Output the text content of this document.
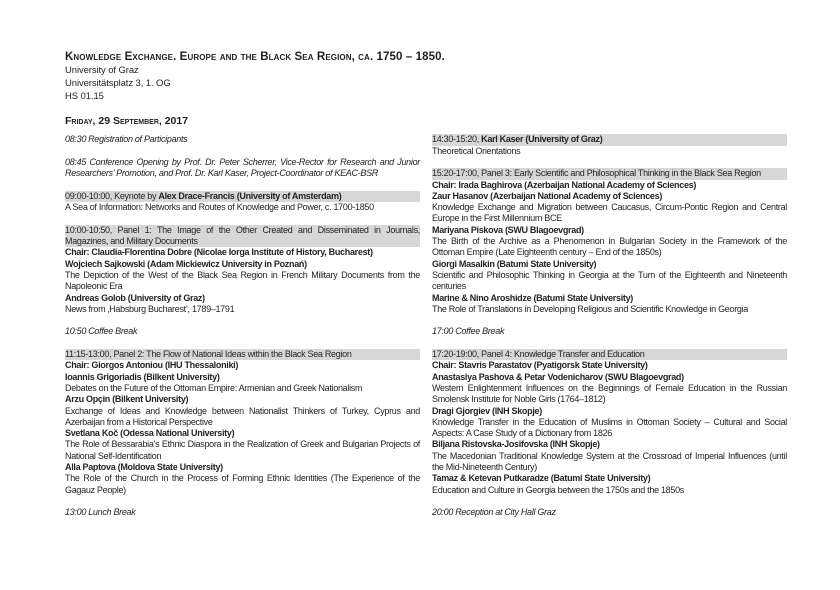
Knowledge Exchange. Europe and the Black Sea Region, ca. 1750 – 1850.
University of Graz
Universitätsplatz 3, 1. OG
HS 01.15
Friday, 29 September, 2017
08:30 Registration of Participants
08:45 Conference Opening by Prof. Dr. Peter Scherrer, Vice-Rector for Research and Junior Researchers’ Promotion, and Prof. Dr. Karl Kaser, Project-Coordinator of KEAC-BSR
09:00-10:00, Keynote by Alex Drace-Francis (University of Amsterdam)
A Sea of Information: Networks and Routes of Knowledge and Power, c. 1700-1850
10:00-10:50, Panel 1: The Image of the Other Created and Disseminated in Journals, Magazines, and Military Documents
Chair: Claudia-Florentina Dobre (Nicolae Iorga Institute of History, Bucharest)
Wojciech Sajkowski (Adam Mickiewicz University in Poznań)
The Depiction of the West of the Black Sea Region in French Military Documents from the Napoleonic Era
Andreas Golob (University of Graz)
News from ‚Habsburg Bucharest’, 1789–1791
10:50 Coffee Break
11:15-13:00, Panel 2: The Flow of National Ideas within the Black Sea Region
Chair: Giorgos Antoniou (IHU Thessaloniki)
Ioannis Grigoriadis (Bilkent University)
Debates on the Future of the Ottoman Empire: Armenian and Greek Nationalism
Arzu Opçin (Bilkent University)
Exchange of Ideas and Knowledge between Nationalist Thinkers of Turkey, Cyprus and Azerbaijan from a Historical Perspective
Svetlana Koč (Odessa National University)
The Role of Bessarabia’s Ethnic Diaspora in the Realization of Greek and Bulgarian Projects of National Self-Identification
Alla Paptova (Moldova State University)
The Role of the Church in the Process of Forming Ethnic Identities (The Experience of the Gagauz People)
13:00 Lunch Break
14:30-15:20, Karl Kaser (University of Graz)
Theoretical Orientations
15:20-17:00, Panel 3: Early Scientific and Philosophical Thinking in the Black Sea Region
Chair: Irada Baghirova (Azerbaijan National Academy of Sciences)
Zaur Hasanov (Azerbaijan National Academy of Sciences)
Knowledge Exchange and Migration between Caucasus, Circum-Pontic Region and Central Europe in the First Millennium BCE
Mariyana Piskova (SWU Blagoevgrad)
The Birth of the Archive as a Phenomenon in Bulgarian Society in the Framework of the Ottoman Empire (Late Eighteenth century – End of the 1850s)
Giorgi Masalkin (Batumi State University)
Scientific and Philosophic Thinking in Georgia at the Turn of the Eighteenth and Nineteenth centuries
Marine & Nino Aroshidze (Batumi State University)
The Role of Translations in Developing Religious and Scientific Knowledge in Georgia
17:00 Coffee Break
17:20-19:00, Panel 4: Knowledge Transfer and Education
Chair: Stavris Parastatov (Pyatigorsk State University)
Anastasiya Pashova & Petar Vodenicharov (SWU Blagoevgrad)
Western Enlightenment Influences on the Beginnings of Female Education in the Russian Smolensk Institute for Noble Girls (1764–1812)
Dragi Gjorgiev (INH Skopje)
Knowledge Transfer in the Education of Muslims in Ottoman Society – Cultural and Social Aspects: A Case Study of a Dictionary from 1826
Biljana Ristovska-Josifovska (INH Skopje)
The Macedonian Traditional Knowledge System at the Crossroad of Imperial Influences (until the Mid-Nineteenth Century)
Tamaz & Ketevan Putkaradze (Batumi State University)
Education and Culture in Georgia between the 1750s and the 1850s
20:00 Reception at City Hall Graz
